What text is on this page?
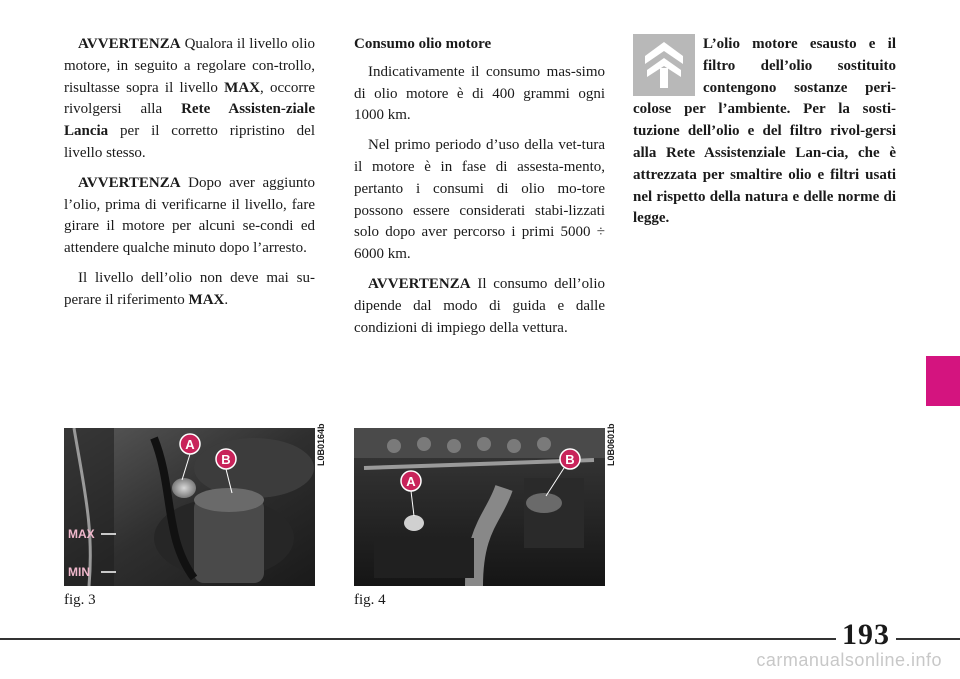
AVVERTENZA Qualora il livello olio motore, in seguito a regolare con-trollo, risultasse sopra il livello MAX, occorre rivolgersi alla Rete Assisten-ziale Lancia per il corretto ripristino del livello stesso.

AVVERTENZA Dopo aver aggiunto l’olio, prima di verificarne il livello, fare girare il motore per alcuni se-condi ed attendere qualche minuto dopo l’arresto.

Il livello dell’olio non deve mai su-perare il riferimento MAX.

Consumo olio motore

Indicativamente il consumo mas-simo di olio motore è di 400 grammi ogni 1000 km.

Nel primo periodo d’uso della vet-tura il motore è in fase di assesta-mento, pertanto i consumi di olio mo-tore possono essere considerati stabi-lizzati solo dopo aver percorso i primi 5000 ÷ 6000 km.

AVVERTENZA Il consumo dell’olio dipende dal modo di guida e dalle condizioni di impiego della vettura.

L’olio motore esausto e il filtro dell’olio sostituito contengono sostanze peri-colose per l’ambiente. Per la sosti-tuzione dell’olio e del filtro rivol-gersi alla Rete Assistenziale Lan-cia, che è attrezzata per smaltire olio e filtri usati nel rispetto della natura e delle norme di legge.
A
B
MAX
MIN
L0B0164b
fig. 3
A
B	L0B0601b
fig. 4
193
carmanualsonline.info
